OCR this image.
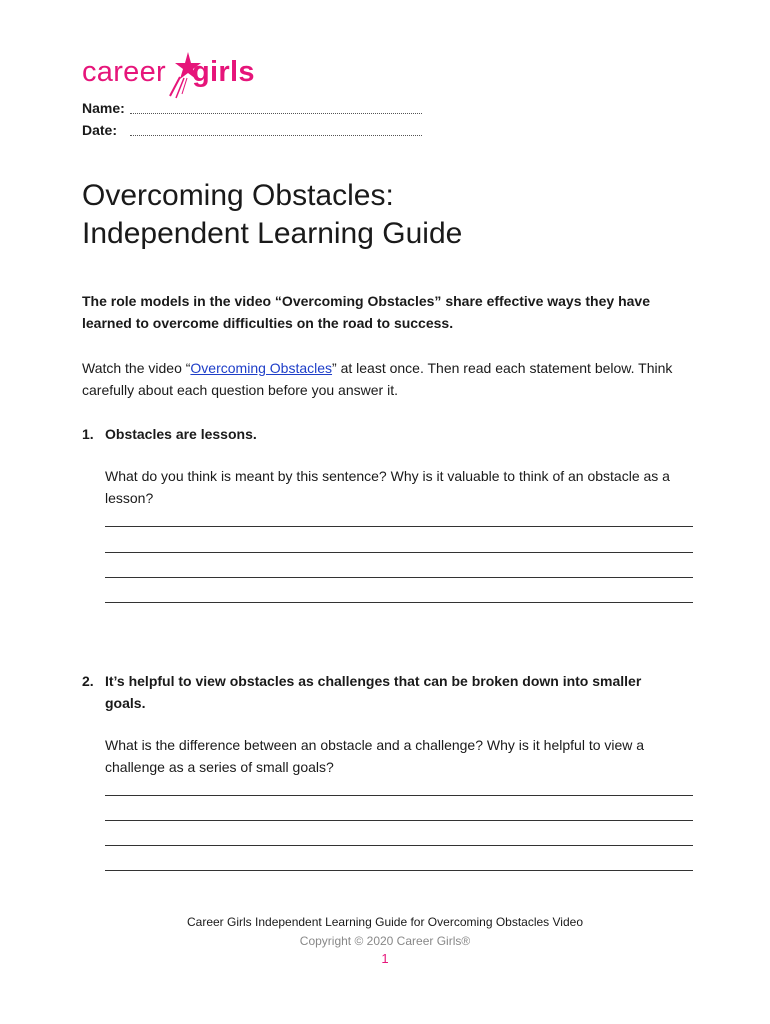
career girls
Name:
Date:
Overcoming Obstacles:
Independent Learning Guide
The role models in the video “Overcoming Obstacles” share effective ways they have learned to overcome difficulties on the road to success.
Watch the video “Overcoming Obstacles” at least once. Then read each statement below. Think carefully about each question before you answer it.
1. Obstacles are lessons.
What do you think is meant by this sentence? Why is it valuable to think of an obstacle as a lesson?
2. It’s helpful to view obstacles as challenges that can be broken down into smaller goals.
What is the difference between an obstacle and a challenge? Why is it helpful to view a challenge as a series of small goals?
Career Girls Independent Learning Guide for Overcoming Obstacles Video
Copyright © 2020 Career Girls®
1
